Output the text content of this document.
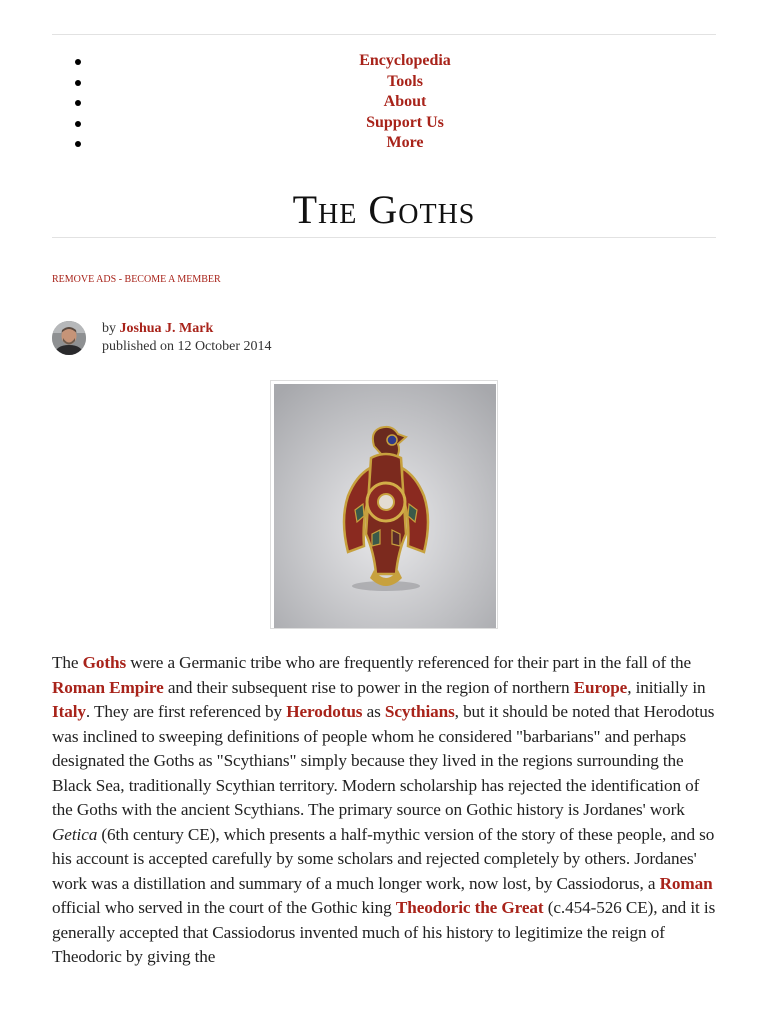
Encyclopedia
Tools
About
Support Us
More
The Goths
REMOVE ADS - BECOME A MEMBER
by Joshua J. Mark
published on 12 October 2014

The Goths were a Germanic tribe who are frequently referenced for their part in the fall of the Roman Empire and their subsequent rise to power in the region of northern Europe, initially in Italy. They are first referenced by Herodotus as Scythians, but it should be noted that Herodotus was inclined to sweeping definitions of people whom he considered "barbarians" and perhaps designated the Goths as "Scythians" simply because they lived in the regions surrounding the Black Sea, traditionally Scythian territory. Modern scholarship has rejected the identification of the Goths with the ancient Scythians. The primary source on Gothic history is Jordanes' work Getica (6th century CE), which presents a half-mythic version of the story of these people, and so his account is accepted carefully by some scholars and rejected completely by others. Jordanes' work was a distillation and summary of a much longer work, now lost, by Cassiodorus, a Roman official who served in the court of the Gothic king Theodoric the Great (c.454-526 CE), and it is generally accepted that Cassiodorus invented much of his history to legitimize the reign of Theodoric by giving the
